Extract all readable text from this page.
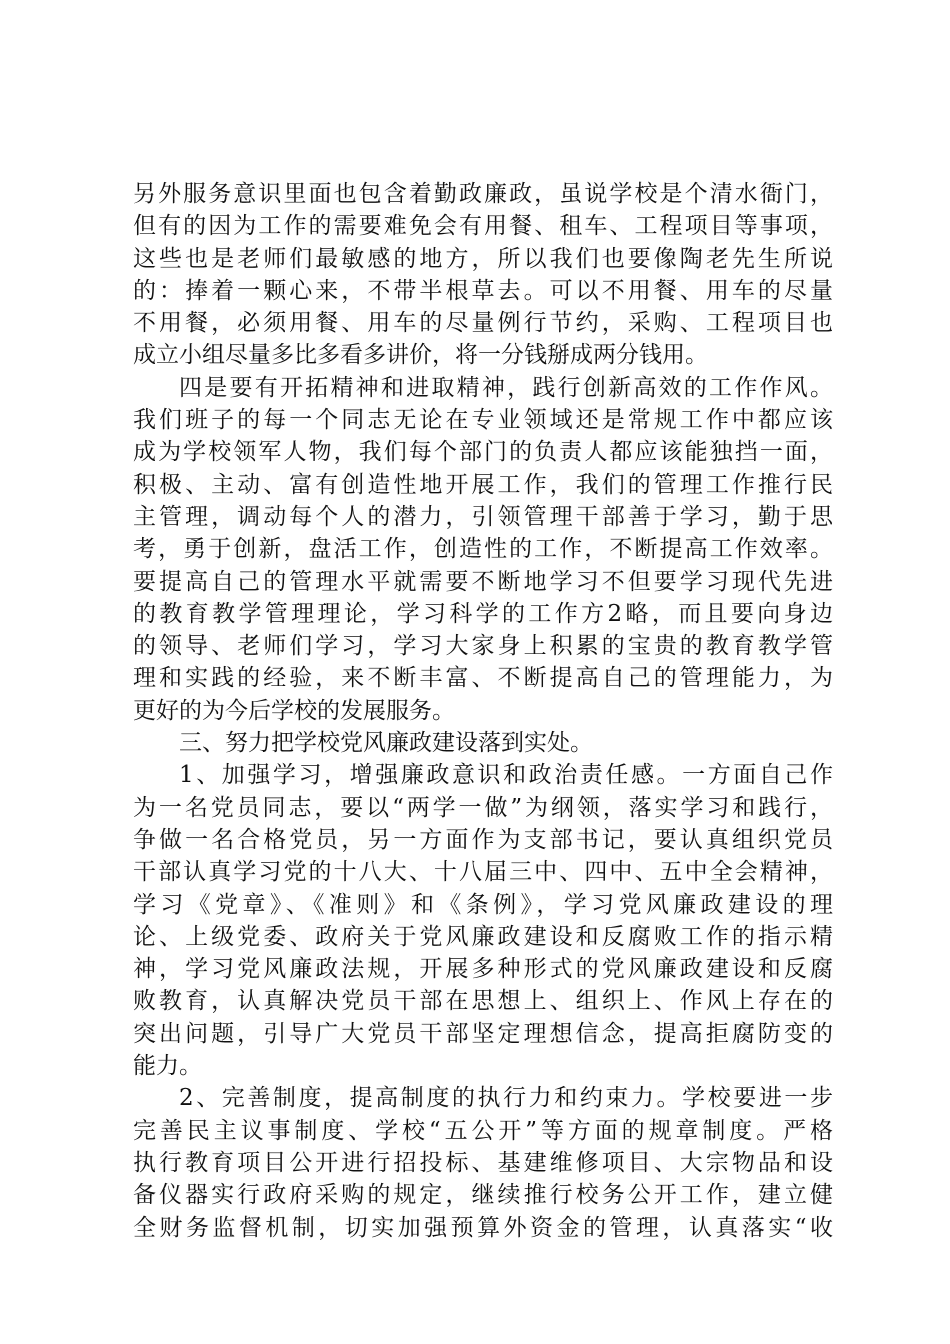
另外服务意识里面也包含着勤政廉政，虽说学校是个清水衙门，
但有的因为工作的需要难免会有用餐、租车、工程项目等事项，
这些也是老师们最敏感的地方，所以我们也要像陶老先生所说
的：捧着一颗心来，不带半根草去。可以不用餐、用车的尽量
不用餐，必须用餐、用车的尽量例行节约，采购、工程项目也
成立小组尽量多比多看多讲价，将一分钱掰成两分钱用。
四是要有开拓精神和进取精神，践行创新高效的工作作风。
我们班子的每一个同志无论在专业领域还是常规工作中都应该
成为学校领军人物，我们每个部门的负责人都应该能独挡一面，
积极、主动、富有创造性地开展工作，我们的管理工作推行民
主管理，调动每个人的潜力，引领管理干部善于学习，勤于思
考，勇于创新，盘活工作，创造性的工作，不断提高工作效率。
要提高自己的管理水平就需要不断地学习不但要学习现代先进
的教育教学管理理论，学习科学的工作方2略，而且要向身边
的领导、老师们学习，学习大家身上积累的宝贵的教育教学管
理和实践的经验，来不断丰富、不断提高自己的管理能力，为
更好的为今后学校的发展服务。
三、努力把学校党风廉政建设落到实处。
1、加强学习，增强廉政意识和政治责任感。一方面自己作
为一名党员同志，要以“两学一做”为纲领，落实学习和践行，
争做一名合格党员，另一方面作为支部书记，要认真组织党员
干部认真学习党的十八大、十八届三中、四中、五中全会精神，
学习《党章》、《准则》和《条例》，学习党风廉政建设的理
论、上级党委、政府关于党风廉政建设和反腐败工作的指示精
神，学习党风廉政法规，开展多种形式的党风廉政建设和反腐
败教育，认真解决党员干部在思想上、组织上、作风上存在的
突出问题，引导广大党员干部坚定理想信念，提高拒腐防变的
能力。
2、完善制度，提高制度的执行力和约束力。学校要进一步
完善民主议事制度、学校“五公开”等方面的规章制度。严格
执行教育项目公开进行招投标、基建维修项目、大宗物品和设
备仪器实行政府采购的规定，继续推行校务公开工作，建立健
全财务监督机制，切实加强预算外资金的管理，认真落实“收
